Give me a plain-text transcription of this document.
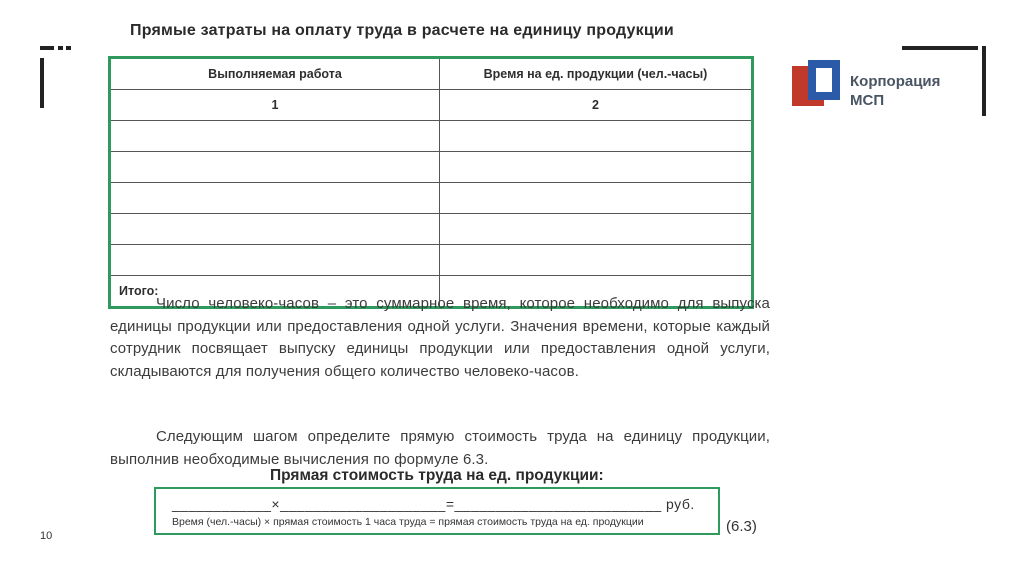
Прямые затраты на оплату труда в расчете на единицу продукции
Выполняемая работа	Время на ед. продукции (чел.-часы)
1	2

Итого:	
Число человеко-часов – это суммарное время, которое необходимо для выпуска единицы продукции или предоставления одной услуги. Значения времени, которые каждый сотрудник посвящает выпуску единицы продукции или предоставления одной услуги, складываются для получения общего количество человеко-часов.
Следующим шагом определите прямую стоимость труда на единицу продукции, выполнив необходимые вычисления по формуле 6.3.
Прямая стоимость труда на ед. продукции:
____________×____________________=_________________________ руб.
Время (чел.-часы) × прямая стоимость 1 часа труда = прямая стоимость труда на ед. продукции	(6.3)
10
Корпорация
МСП
